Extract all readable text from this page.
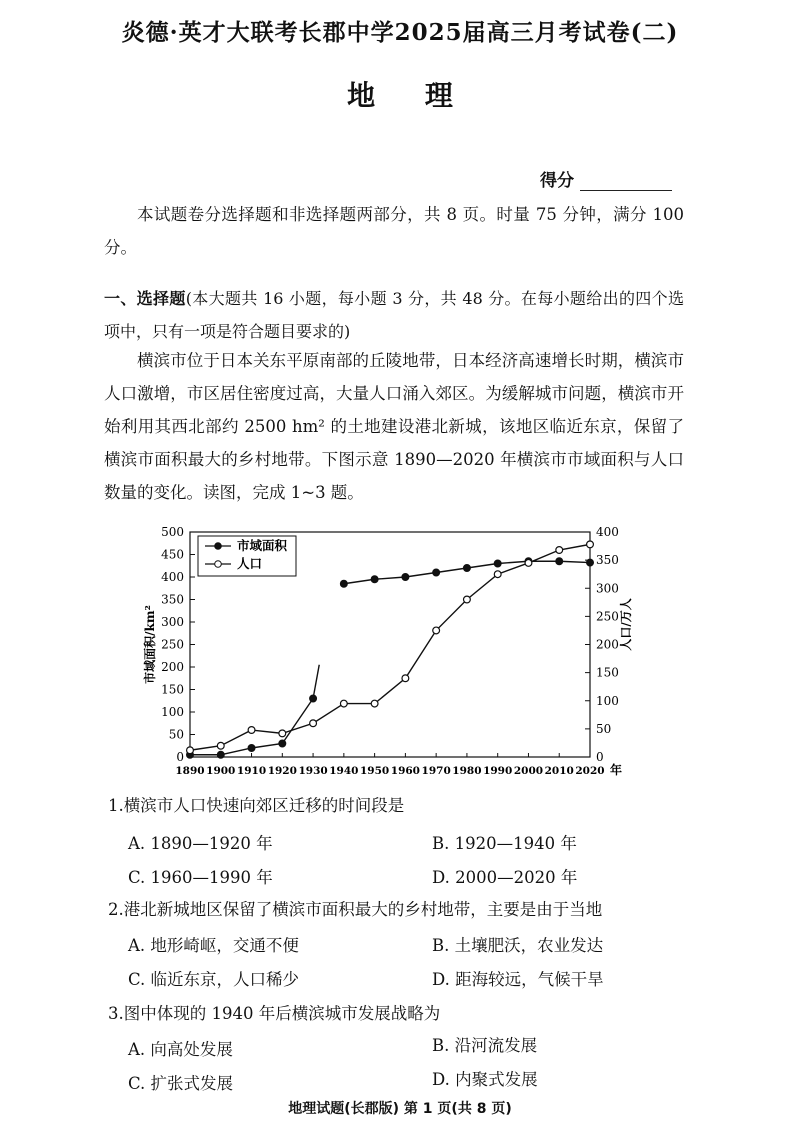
炎德·英才大联考长郡中学2025届高三月考试卷(二)
地 理
得分
本试题卷分选择题和非选择题两部分，共 8 页。时量 75 分钟，满分 100 分。
一、选择题(本大题共 16 小题，每小题 3 分，共 48 分。在每小题给出的四个选项中，只有一项是符合题目要求的)
横滨市位于日本关东平原南部的丘陵地带，日本经济高速增长时期，横滨市人口激增，市区居住密度过高，大量人口涌入郊区。为缓解城市问题，横滨市开始利用其西北部约 2500 hm² 的土地建设港北新城，该地区临近东京，保留了横滨市面积最大的乡村地带。下图示意 1890—2020 年横滨市市域面积与人口数量的变化。读图，完成 1~3 题。
0
50
100
150
200
250
300
350
400
450
500
0
50
100
150
200
250
300
350
400
1890 1900 1910 1920 1930 1940 1950 1960 1970 1980 1990 2000 2010 2020 年
市域面积/km²	人口/万人
市域面积
人口
1.横滨市人口快速向郊区迁移的时间段是
A. 1890—1920 年	B. 1920—1940 年
C. 1960—1990 年	D. 2000—2020 年
2.港北新城地区保留了横滨市面积最大的乡村地带，主要是由于当地
A. 地形崎岖，交通不便	B. 土壤肥沃，农业发达
C. 临近东京，人口稀少	D. 距海较远，气候干旱
3.图中体现的 1940 年后横滨城市发展战略为
A. 向高处发展	B. 沿河流发展
C. 扩张式发展	D. 内聚式发展
地理试题(长郡版) 第 1 页(共 8 页)
